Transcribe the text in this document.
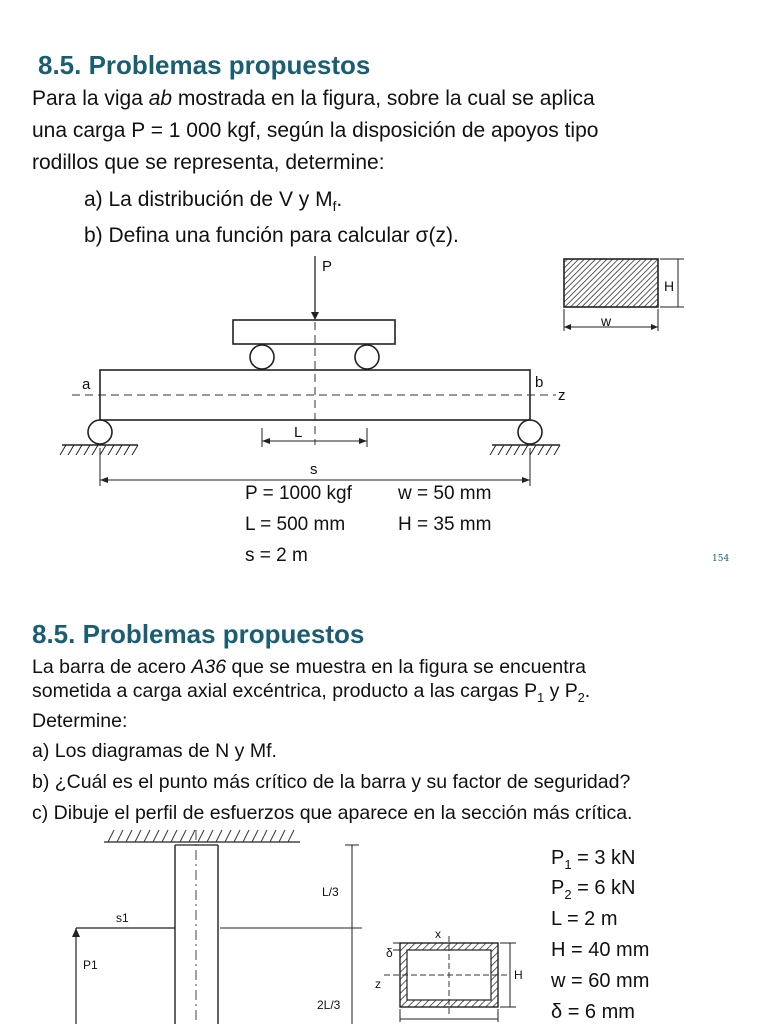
8.5. Problemas propuestos
Para la viga ab mostrada en la figura, sobre la cual se aplica
una carga P = 1 000 kgf, según la disposición de apoyos tipo
rodillos que se representa, determine:
a) La distribución de V y $M_f$.
b) Defina una función para calcular σ(z).
P
a	b
z
L
s
H
w
P = 1000 kgf w = 50 mm
L = 500 mm	H = 35 mm
s = 2 m	154
8.5. Problemas propuestos
La barra de acero A36 que se muestra en la figura se encuentra
sometida a carga axial excéntrica, producto a las cargas $P_1$ y $P_2$.
Determine:
a) Los diagramas de N y Mf.
b) ¿Cuál es el punto más crítico de la barra y su factor de seguridad?
c) Dibuje el perfil de esfuerzos que aparece en la sección más crítica.
L/3
2L/3
s1
P1
δ
x
z
H
$P_1 = 3$ kN
$P_2 = 6$ kN
L = 2 m
H = 40 mm
w = 60 mm
δ = 6 mm
